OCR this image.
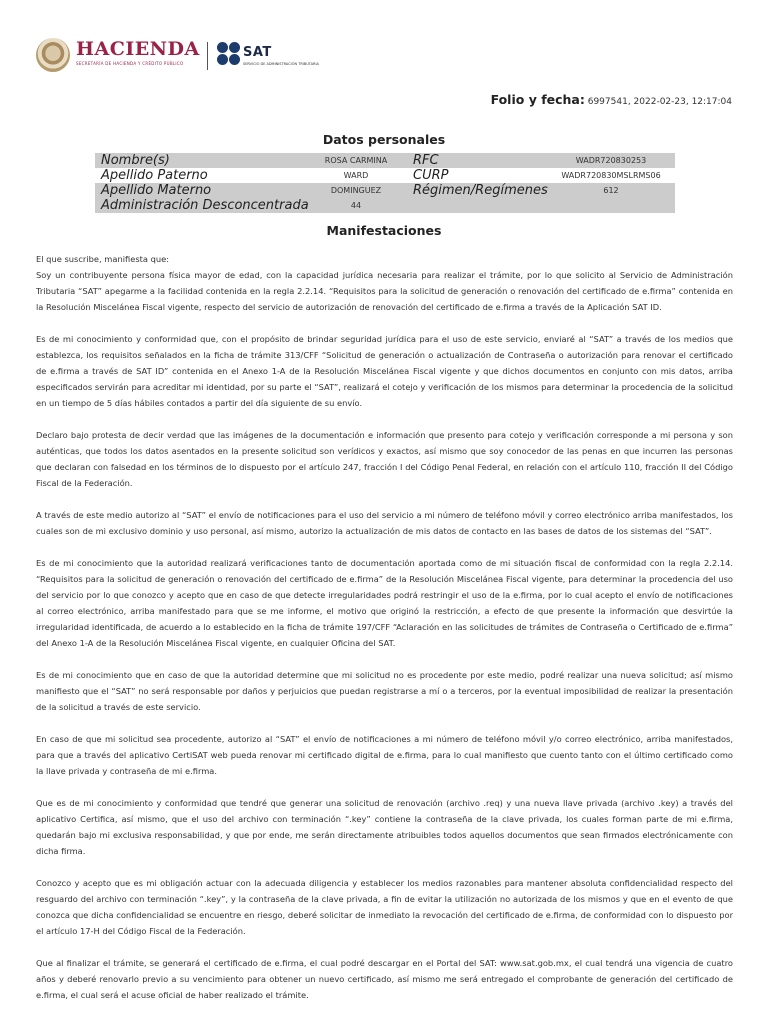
HACIENDA
SECRETARÍA DE HACIENDA Y CRÉDITO PÚBLICO
SAT
SERVICIO DE ADMINISTRACIÓN TRIBUTARIA
Folio y fecha: 6997541, 2022-02-23, 12:17:04
Datos personales
Nombre(s)	ROSA CARMINA	RFC	WADR720830253
Apellido Paterno	WARD	CURP	WADR720830MSLRMS06
Apellido Materno	DOMINGUEZ	Régimen/Regímenes	612
Administración Desconcentrada	44		
Manifestaciones

El que suscribe, manifiesta que:

Soy un contribuyente persona física mayor de edad, con la capacidad jurídica necesaria para realizar el trámite, por lo que solicito al Servicio de Administración Tributaria “SAT” apegarme a la facilidad contenida en la regla 2.2.14. “Requisitos para la solicitud de generación o renovación del certificado de e.firma” contenida en la Resolución Miscelánea Fiscal vigente, respecto del servicio de autorización de renovación del certificado de e.firma a través de la Aplicación SAT ID.

Es de mi conocimiento y conformidad que, con el propósito de brindar seguridad jurídica para el uso de este servicio, enviaré al “SAT” a través de los medios que establezca, los requisitos señalados en la ficha de trámite 313/CFF “Solicitud de generación o actualización de Contraseña o autorización para renovar el certificado de e.firma a través de SAT ID” contenida en el Anexo 1-A de la Resolución Miscelánea Fiscal vigente y que dichos documentos en conjunto con mis datos, arriba especificados servirán para acreditar mi identidad, por su parte el “SAT”, realizará el cotejo y verificación de los mismos para determinar la procedencia de la solicitud en un tiempo de 5 días hábiles contados a partir del día siguiente de su envío.

Declaro bajo protesta de decir verdad que las imágenes de la documentación e información que presento para cotejo y verificación corresponde a mi persona y son auténticas, que todos los datos asentados en la presente solicitud son verídicos y exactos, así mismo que soy conocedor de las penas en que incurren las personas que declaran con falsedad en los términos de lo dispuesto por el artículo 247, fracción I del Código Penal Federal, en relación con el artículo 110, fracción II del Código Fiscal de la Federación.

A través de este medio autorizo al “SAT” el envío de notificaciones para el uso del servicio a mi número de teléfono móvil y correo electrónico arriba manifestados, los cuales son de mi exclusivo dominio y uso personal, así mismo, autorizo la actualización de mis datos de contacto en las bases de datos de los sistemas del “SAT”.

Es de mi conocimiento que la autoridad realizará verificaciones tanto de documentación aportada como de mi situación fiscal de conformidad con la regla 2.2.14. “Requisitos para la solicitud de generación o renovación del certificado de e.firma” de la Resolución Miscelánea Fiscal vigente, para determinar la procedencia del uso del servicio por lo que conozco y acepto que en caso de que detecte irregularidades podrá restringir el uso de la e.firma, por lo cual acepto el envío de notificaciones al correo electrónico, arriba manifestado para que se me informe, el motivo que originó la restricción, a efecto de que presente la información que desvirtúe la irregularidad identificada, de acuerdo a lo establecido en la ficha de trámite 197/CFF “Aclaración en las solicitudes de trámites de Contraseña o Certificado de e.firma” del Anexo 1-A de la Resolución Miscelánea Fiscal vigente, en cualquier Oficina del SAT.

Es de mi conocimiento que en caso de que la autoridad determine que mi solicitud no es procedente por este medio, podré realizar una nueva solicitud; así mismo manifiesto que el “SAT” no será responsable por daños y perjuicios que puedan registrarse a mí o a terceros, por la eventual imposibilidad de realizar la presentación de la solicitud a través de este servicio.

En caso de que mi solicitud sea procedente, autorizo al “SAT” el envío de notificaciones a mi número de teléfono móvil y/o correo electrónico, arriba manifestados, para que a través del aplicativo CertiSAT web pueda renovar mi certificado digital de e.firma, para lo cual manifiesto que cuento tanto con el último certificado como la llave privada y contraseña de mi e.firma.

Que es de mi conocimiento y conformidad que tendré que generar una solicitud de renovación (archivo .req) y una nueva llave privada (archivo .key) a través del aplicativo Certifica, así mismo, que el uso del archivo con terminación “.key” contiene la contraseña de la clave privada, los cuales forman parte de mi e.firma, quedarán bajo mi exclusiva responsabilidad, y que por ende, me serán directamente atribuibles todos aquellos documentos que sean firmados electrónicamente con dicha firma.

Conozco y acepto que es mi obligación actuar con la adecuada diligencia y establecer los medios razonables para mantener absoluta confidencialidad respecto del resguardo del archivo con terminación “.key”, y la contraseña de la clave privada, a fin de evitar la utilización no autorizada de los mismos y que en el evento de que conozca que dicha confidencialidad se encuentre en riesgo, deberé solicitar de inmediato la revocación del certificado de e.firma, de conformidad con lo dispuesto por el artículo 17-H del Código Fiscal de la Federación.

Que al finalizar el trámite, se generará el certificado de e.firma, el cual podré descargar en el Portal del SAT: www.sat.gob.mx, el cual tendrá una vigencia de cuatro años y deberé renovarlo previo a su vencimiento para obtener un nuevo certificado, así mismo me será entregado el comprobante de generación del certificado de e.firma, el cual será el acuse oficial de haber realizado el trámite.
